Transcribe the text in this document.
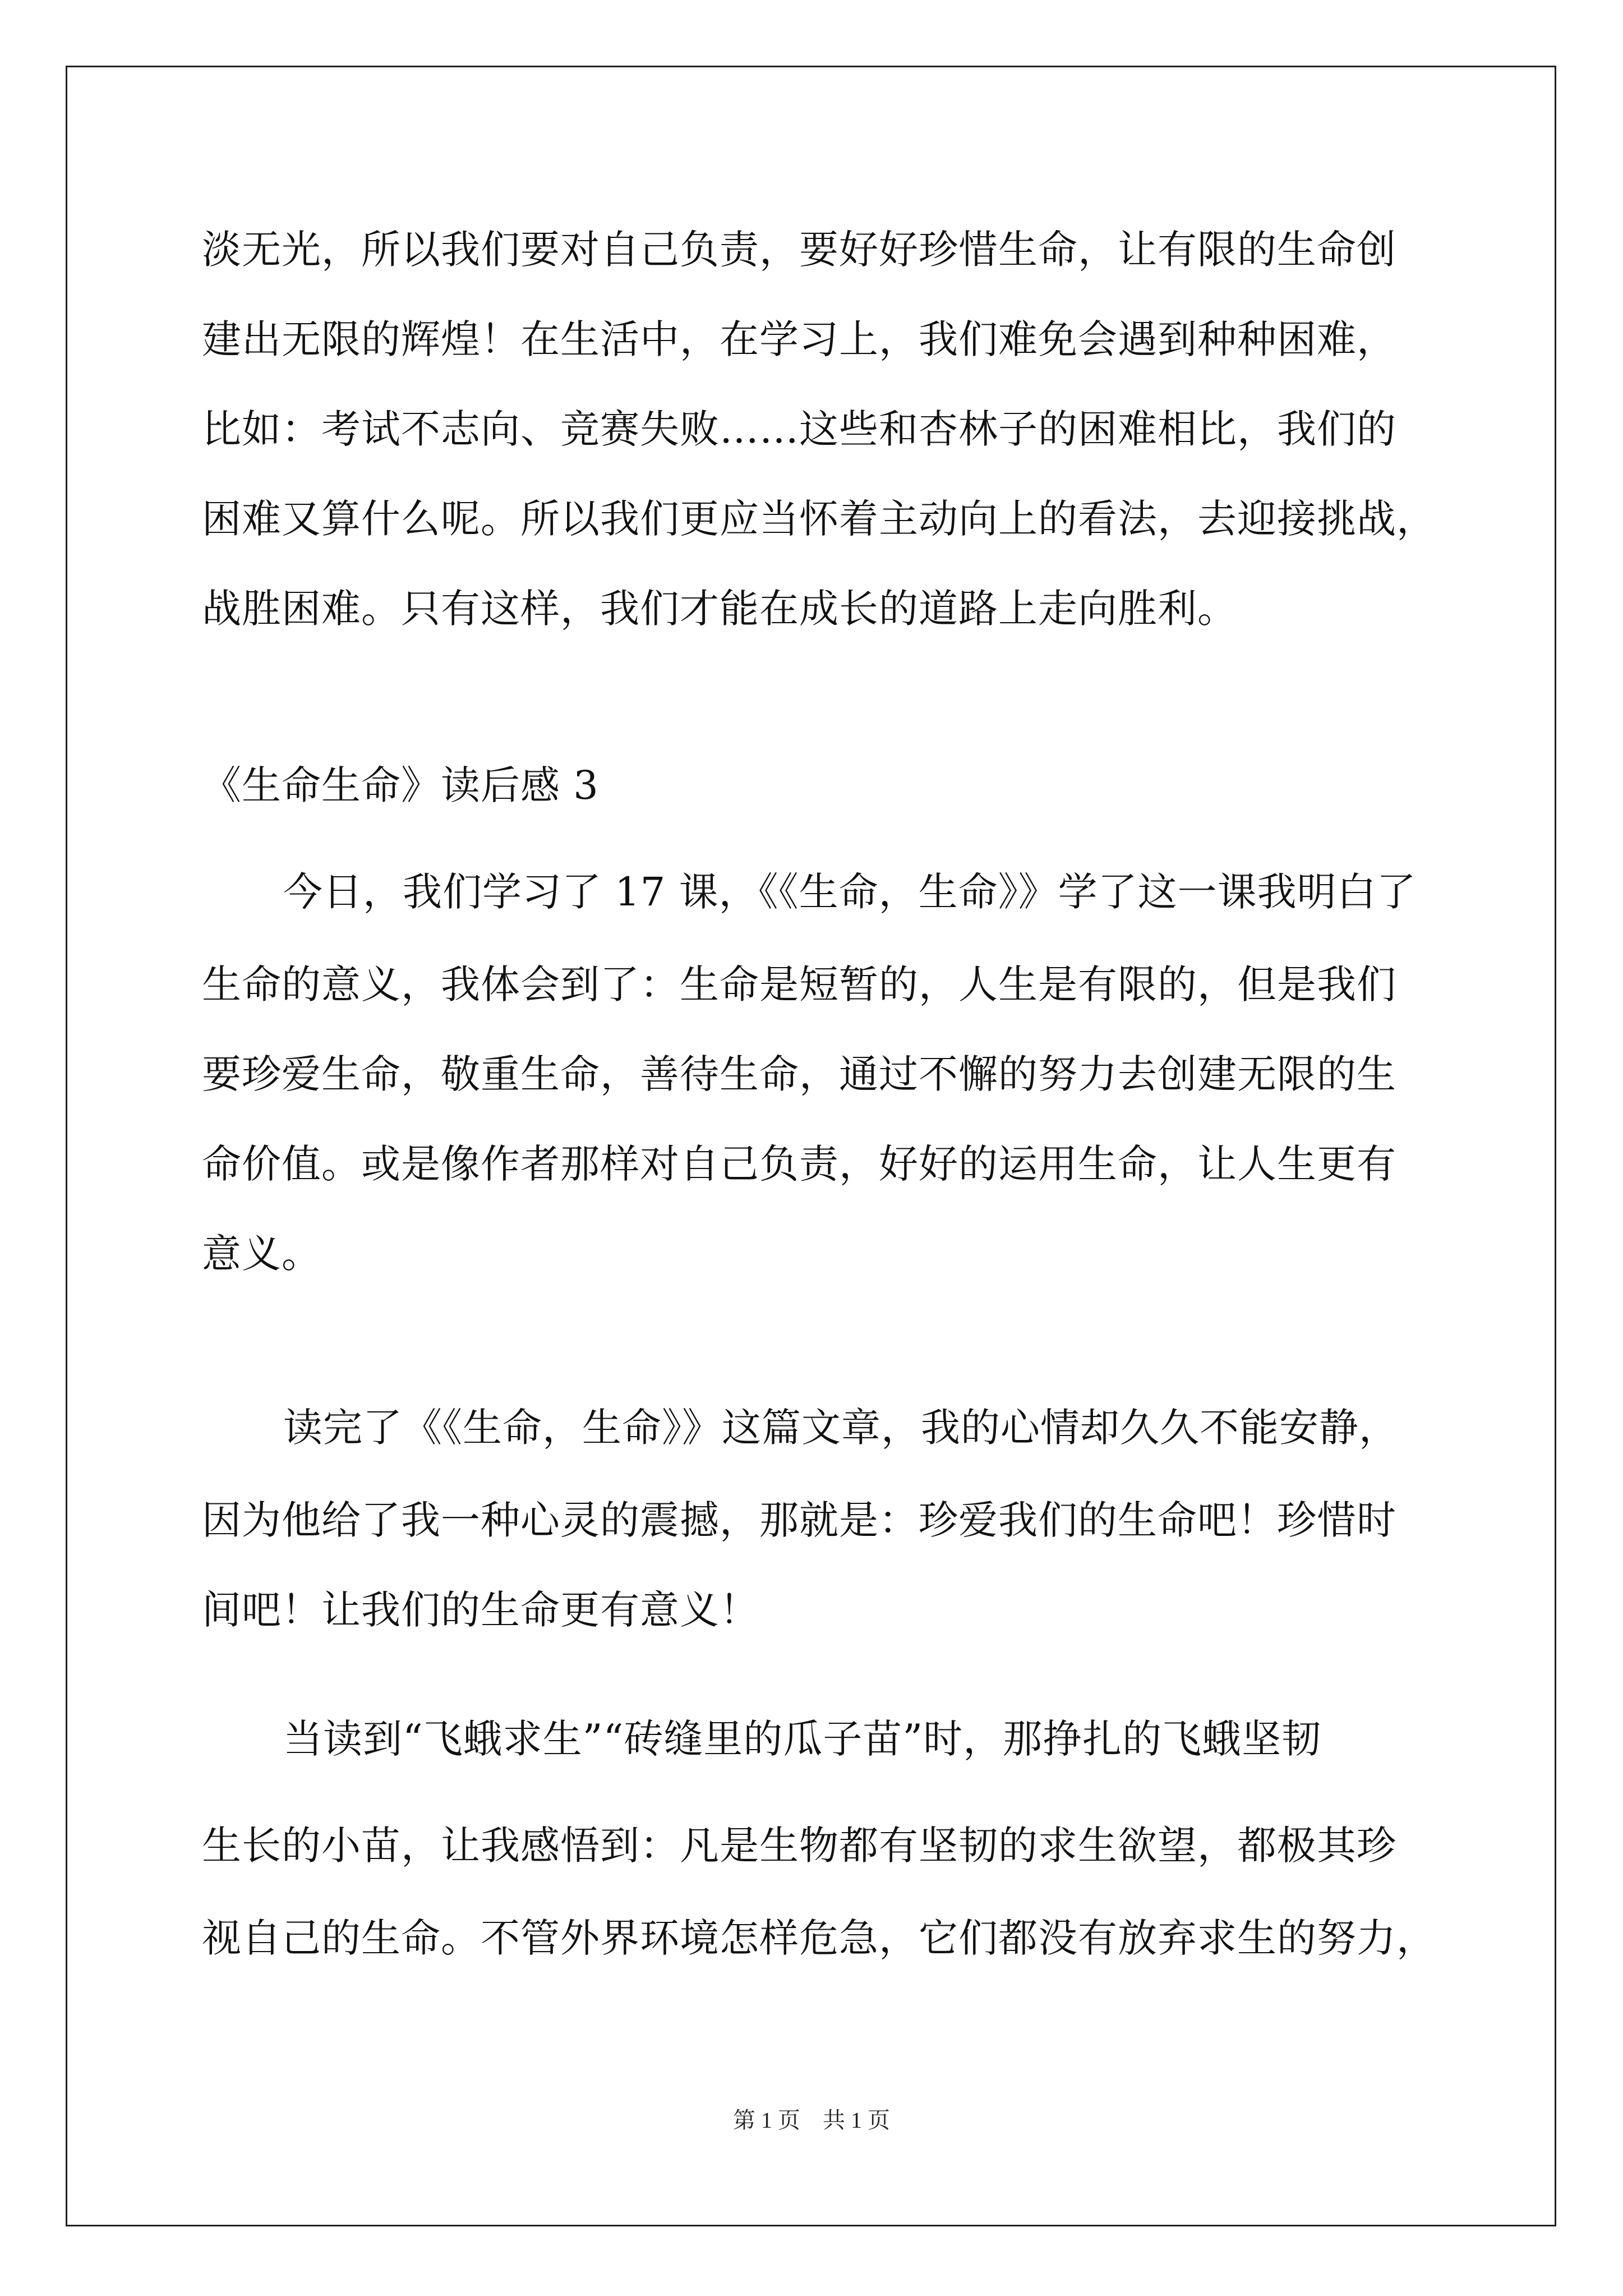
淡无光，所以我们要对自己负责，要好好珍惜生命，让有限的生命创
建出无限的辉煌！在生活中，在学习上，我们难免会遇到种种困难，
比如：考试不志向、竞赛失败……这些和杏林子的困难相比，我们的
困难又算什么呢。所以我们更应当怀着主动向上的看法，去迎接挑战，
战胜困难。只有这样，我们才能在成长的道路上走向胜利。
《生命生命》读后感 3
今日，我们学习了 17 课，《《生命，生命》》学了这一课我明白了
生命的意义，我体会到了：生命是短暂的，人生是有限的，但是我们
要珍爱生命，敬重生命，善待生命，通过不懈的努力去创建无限的生
命价值。或是像作者那样对自己负责，好好的运用生命，让人生更有
意义。
读完了《《生命，生命》》这篇文章，我的心情却久久不能安静，
因为他给了我一种心灵的震撼，那就是：珍爱我们的生命吧！珍惜时
间吧！让我们的生命更有意义！
当读到“飞蛾求生”“砖缝里的瓜子苗”时，那挣扎的飞蛾坚韧
生长的小苗，让我感悟到：凡是生物都有坚韧的求生欲望，都极其珍
视自己的生命。不管外界环境怎样危急，它们都没有放弃求生的努力，
第 1 页 共 1 页
